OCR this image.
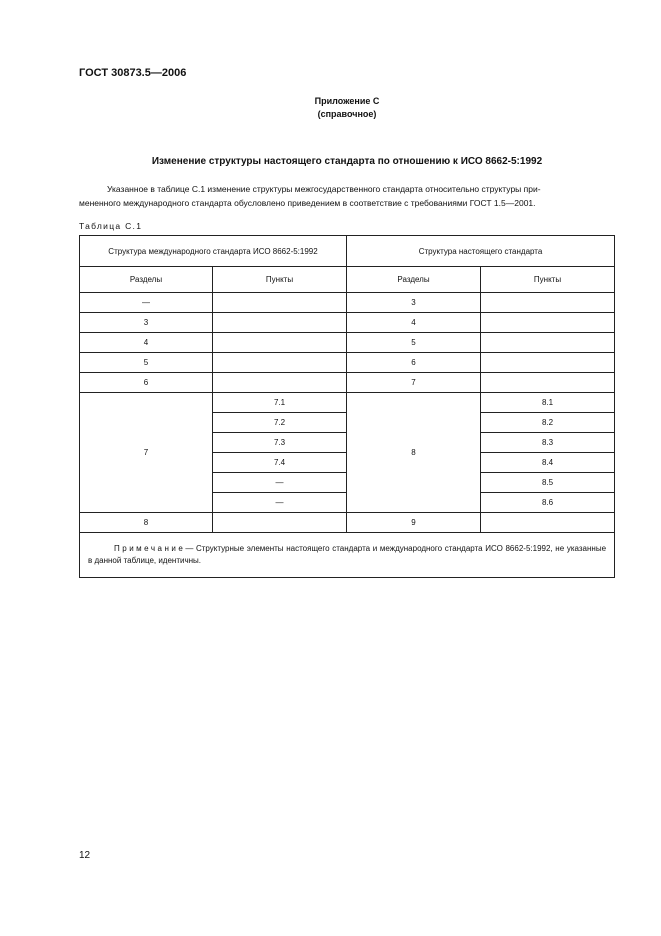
ГОСТ 30873.5—2006
Приложение С
(справочное)
Изменение структуры настоящего стандарта по отношению к ИСО 8662-5:1992
Указанное в таблице С.1 изменение структуры межгосударственного стандарта относительно структуры при-
мененного международного стандарта обусловлено приведением в соответствие с требованиями ГОСТ 1.5—2001.
Таблица С.1
Структура международного стандарта ИСО 8662-5:1992		Структура настоящего стандарта	
Разделы	Пункты	Разделы	Пункты
—		3	
3		4	
4		5	
5		6	
6		7	
7	7.1	8	8.1
	7.2		8.2
	7.3		8.3
	7.4		8.4
	—		8.5
	—		8.6
8		9	

Примечание— Структурные элементы настоящего стандарта и международного стандарта ИСО 8662-5:1992, не указанные в данной таблице, идентичны.			
12
